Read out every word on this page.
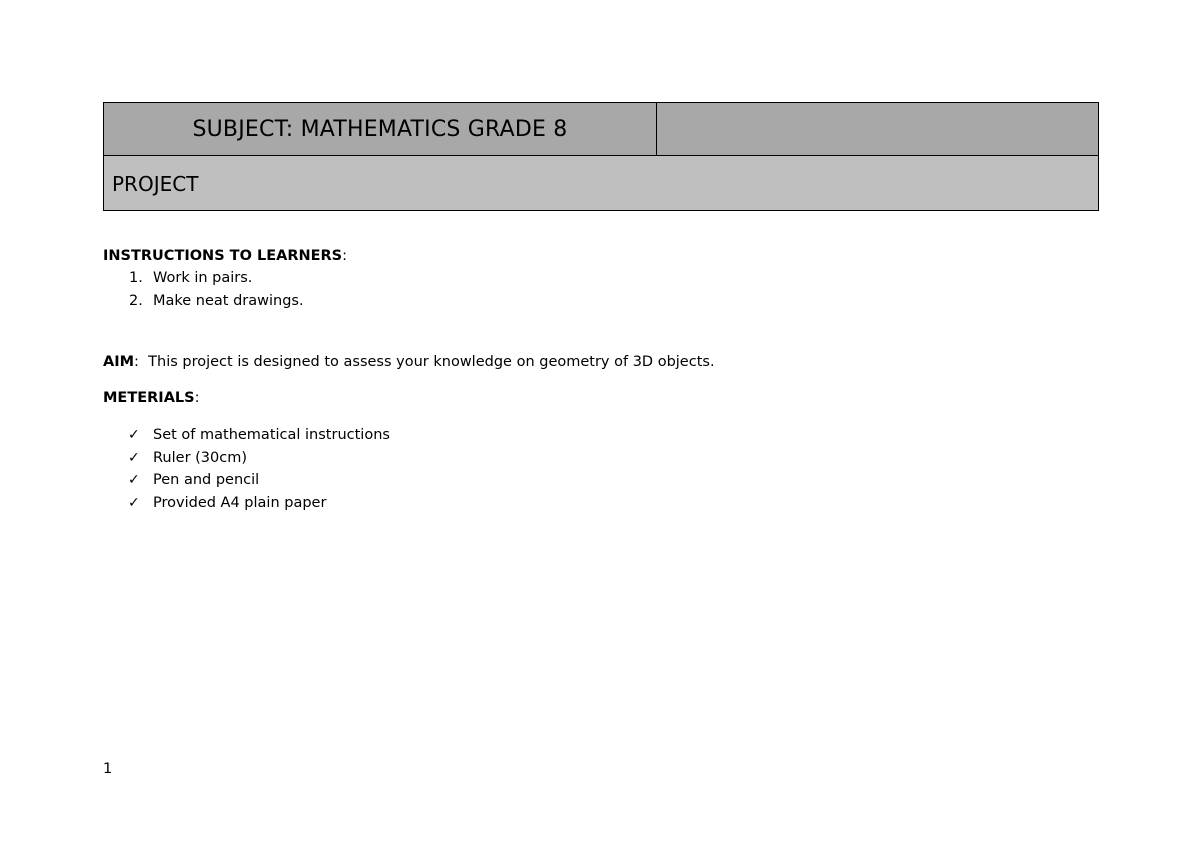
SUBJECT: MATHEMATICS GRADE 8	
PROJECT
INSTRUCTIONS TO LEARNERS:
1. Work in pairs.
2. Make neat drawings.
AIM:  This project is designed to assess your knowledge on geometry of 3D objects.
METERIALS:
✓ Set of mathematical instructions
✓ Ruler (30cm)
✓ Pen and pencil
✓ Provided A4 plain paper
1
